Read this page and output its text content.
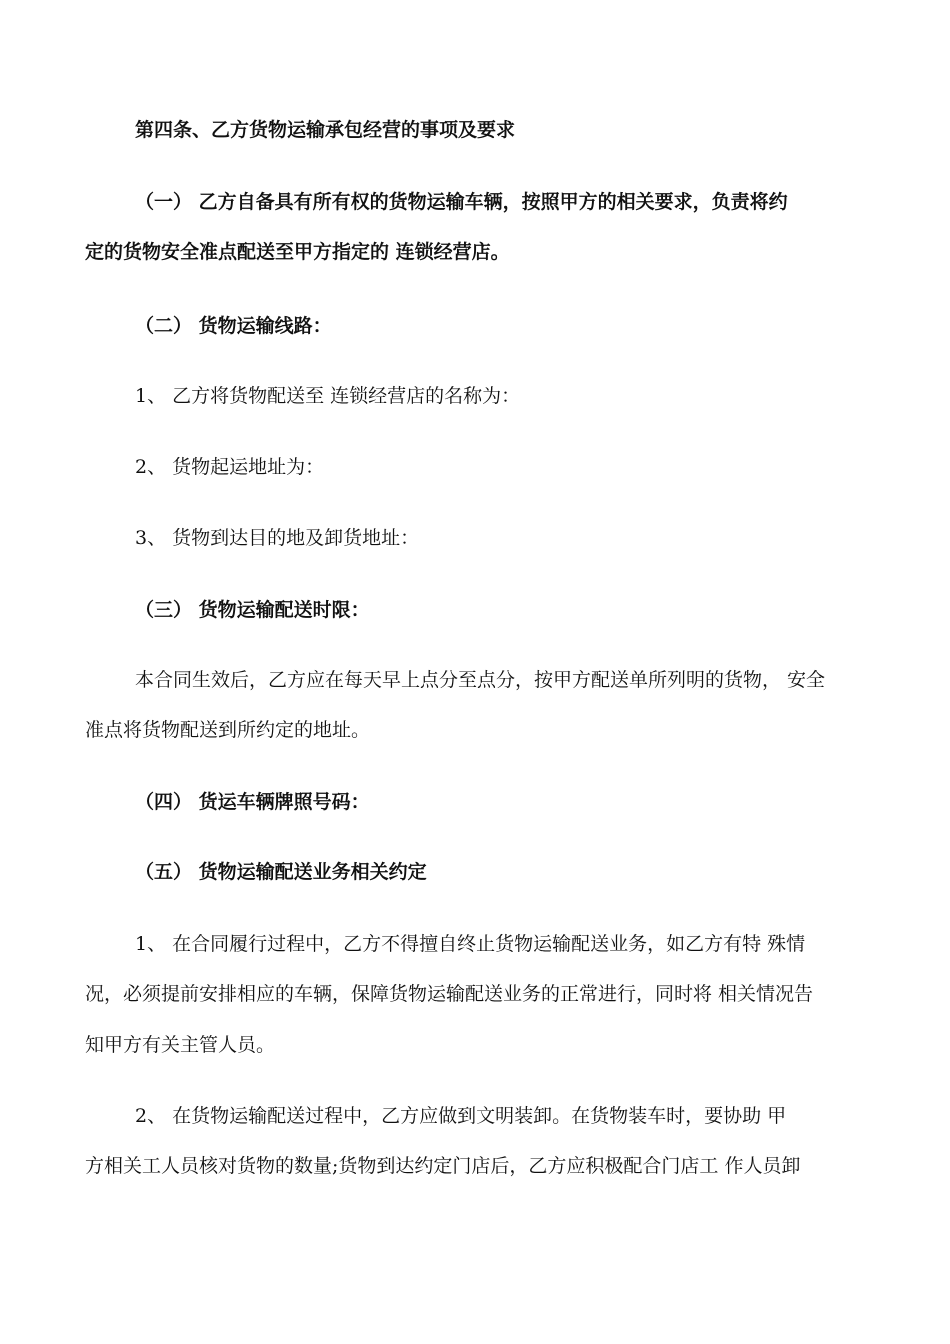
第四条、乙方货物运输承包经营的事项及要求
（一） 乙方自备具有所有权的货物运输车辆，按照甲方的相关要求，负责将约
定的货物安全准点配送至甲方指定的 连锁经营店。
（二） 货物运输线路：
1、 乙方将货物配送至 连锁经营店的名称为：
2、 货物起运地址为：
3、 货物到达目的地及卸货地址：
（三） 货物运输配送时限：
本合同生效后，乙方应在每天早上点分至点分，按甲方配送单所列明的货物， 安全
准点将货物配送到所约定的地址。
（四） 货运车辆牌照号码：
（五） 货物运输配送业务相关约定
1、 在合同履行过程中，乙方不得擅自终止货物运输配送业务，如乙方有特 殊情
况，必须提前安排相应的车辆，保障货物运输配送业务的正常进行，同时将 相关情况告
知甲方有关主管人员。
2、 在货物运输配送过程中，乙方应做到文明装卸。在货物装车时，要协助 甲
方相关工人员核对货物的数量;货物到达约定门店后，乙方应积极配合门店工 作人员卸
